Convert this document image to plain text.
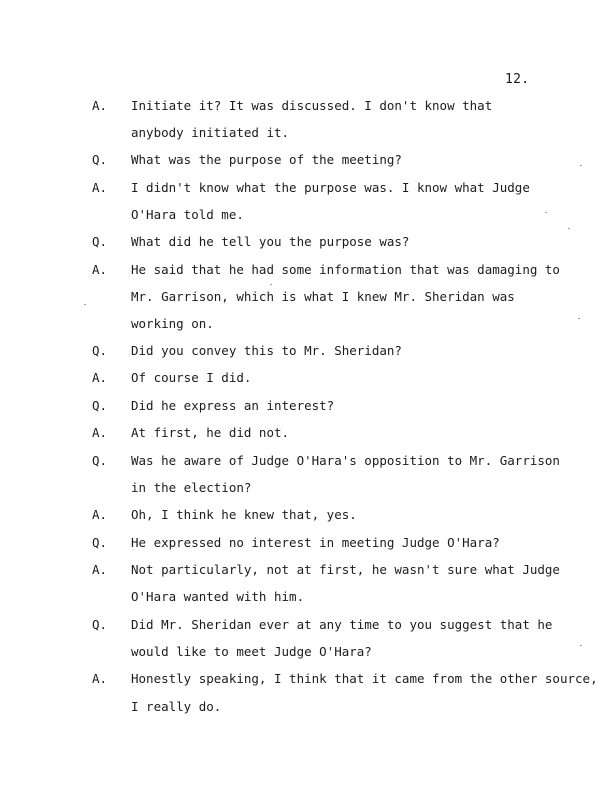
12.
A. Initiate it? It was discussed. I don't know that
anybody initiated it.
Q. What was the purpose of the meeting?
A. I didn't know what the purpose was. I know what Judge
O'Hara told me.
Q. What did he tell you the purpose was?
A. He said that he had some information that was damaging to
Mr. Garrison, which is what I knew Mr. Sheridan was
working on.
Q. Did you convey this to Mr. Sheridan?
A. Of course I did.
Q. Did he express an interest?
A. At first, he did not.
Q. Was he aware of Judge O'Hara's opposition to Mr. Garrison
in the election?
A. Oh, I think he knew that, yes.
Q. He expressed no interest in meeting Judge O'Hara?
A. Not particularly, not at first, he wasn't sure what Judge
O'Hara wanted with him.
Q. Did Mr. Sheridan ever at any time to you suggest that he
would like to meet Judge O'Hara?
A. Honestly speaking, I think that it came from the other source,
I really do.
